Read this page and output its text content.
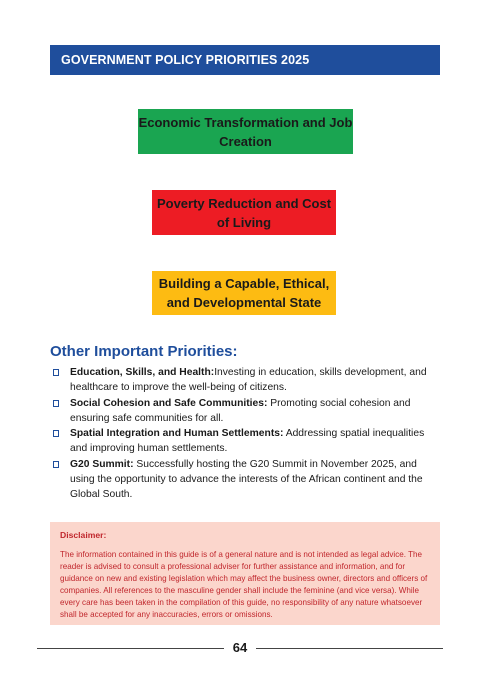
GOVERNMENT POLICY PRIORITIES 2025
Economic Transformation and Job
Creation
Poverty Reduction and Cost
of Living
Building a Capable, Ethical,
and Developmental State
Other Important Priorities:
Education, Skills, and Health:Investing in education, skills development, and healthcare to improve the well-being of citizens.
Social Cohesion and Safe Communities: Promoting social cohesion and ensuring safe communities for all.
Spatial Integration and Human Settlements: Addressing spatial inequalities and improving human settlements.
G20 Summit: Successfully hosting the G20 Summit in November 2025, and using the opportunity to advance the interests of the African continent and the Global South.
Disclaimer:
The information contained in this guide is of a general nature and is not intended as legal advice. The reader is advised to consult a professional adviser for further assistance and information, and for guidance on new and existing legislation which may affect the business owner, directors and officers of companies. All references to the masculine gender shall include the feminine (and vice versa). While every care has been taken in the compilation of this guide, no responsibility of any nature whatsoever shall be accepted for any inaccuracies, errors or omissions.
64
